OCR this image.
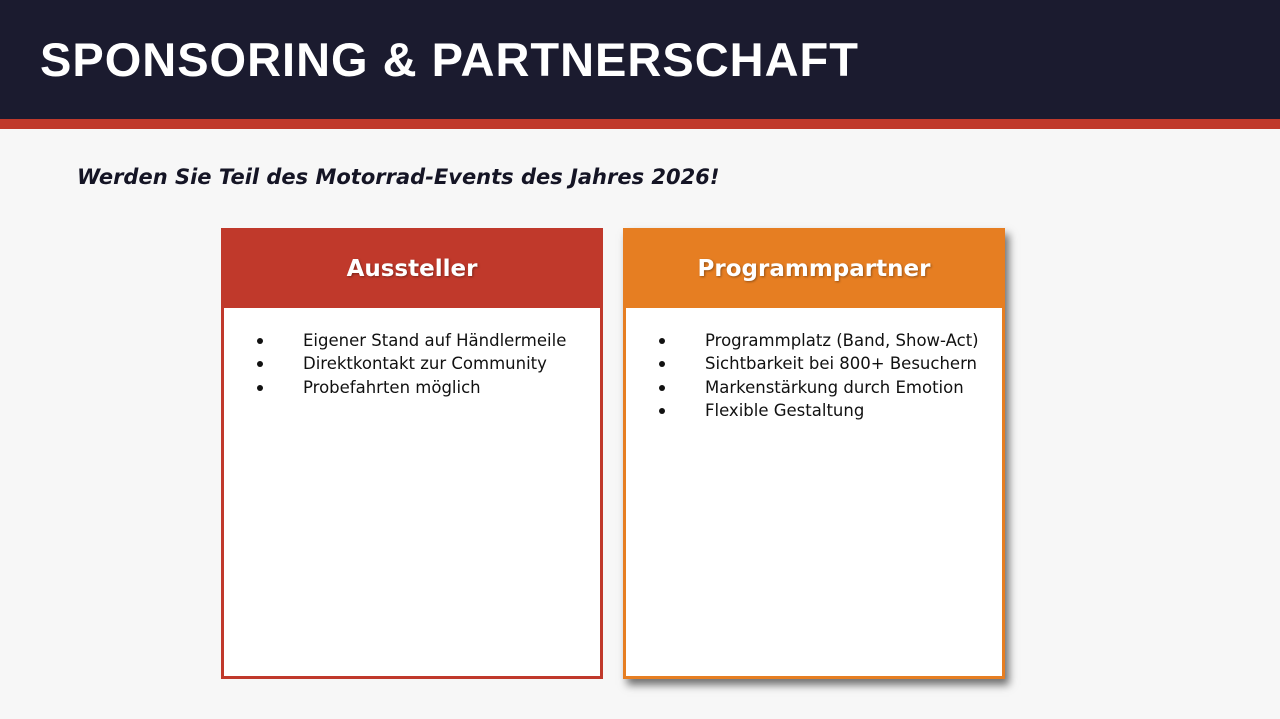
SPONSORING & PARTNERSCHAFT

Werden Sie Teil des Motorrad-Events des Jahres 2026!

Aussteller
Eigener Stand auf Händlermeile
Direktkontakt zur Community
Probefahrten möglich
Programmpartner
Programmplatz (Band, Show-Act)
Sichtbarkeit bei 800+ Besuchern
Markenstärkung durch Emotion
Flexible Gestaltung
